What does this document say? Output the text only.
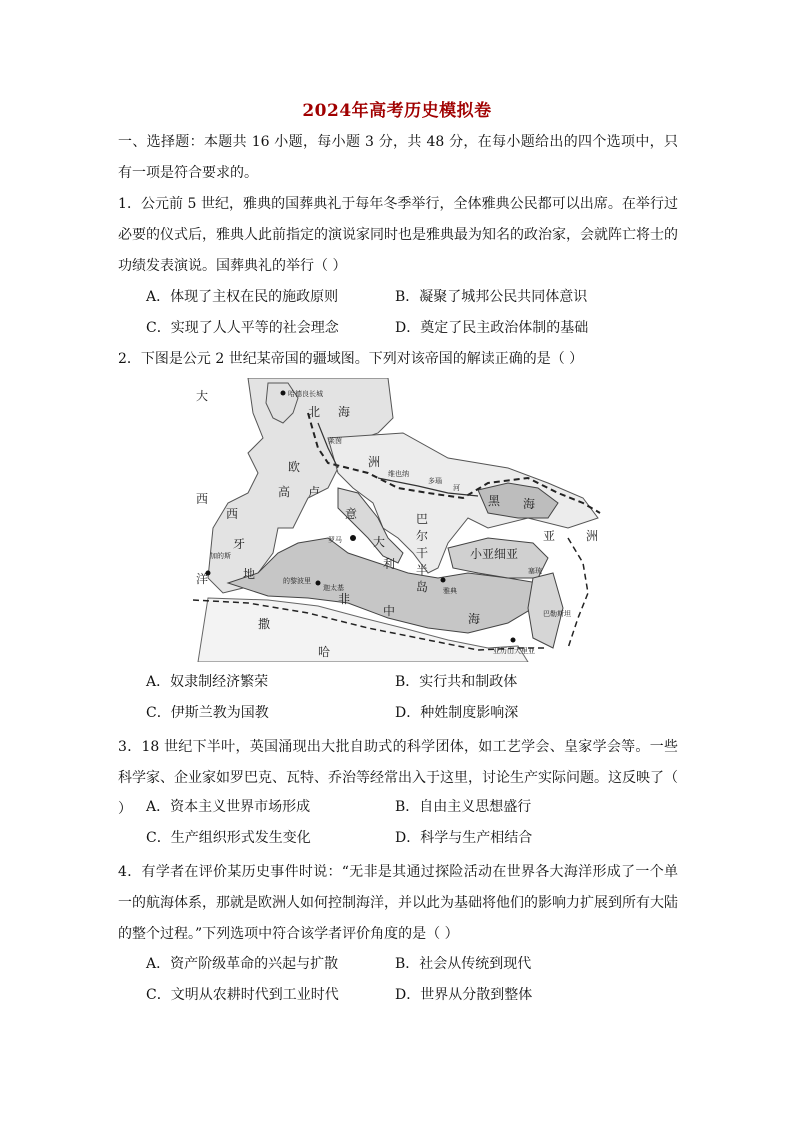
2024年高考历史模拟卷
一、选择题：本题共 16 小题，每小题 3 分，共 48 分，在每小题给出的四个选项中，只有一项是符合要求的。
1．公元前 5 世纪，雅典的国葬典礼于每年冬季举行，全体雅典公民都可以出席。在举行过必要的仪式后，雅典人此前指定的演说家同时也是雅典最为知名的政治家，会就阵亡将士的功绩发表演说。国葬典礼的举行（ ）
A．体现了主权在民的施政原则	B．凝聚了城邦公民共同体意识
C．实现了人人平等的社会理念	D．奠定了民主政治体制的基础
2．下图是公元 2 世纪某帝国的疆域图。下列对该帝国的解读正确的是（ ）
大
西
洋
撒
哈
非
北 海
欧
高 卢
洲
意
大
利
巴
尔
干
半
岛
黑 海
小亚细亚
亚	洲
中
海
西
牙
地
哈德良长城
罗马
亚历山大里亚
巴勒斯坦
的黎波里
加的斯
迦太基
莱茵
多瑙
河
塞琉
维也纳
雅典
A．奴隶制经济繁荣	B．实行共和制政体
C．伊斯兰教为国教	D．种姓制度影响深
3．18 世纪下半叶，英国涌现出大批自助式的科学团体，如工艺学会、皇家学会等。一些科学家、企业家如罗巴克、瓦特、乔治等经常出入于这里，讨论生产实际问题。这反映了（ ）	A．资本主义世界市场形成	B．自由主义思想盛行
C．生产组织形式发生变化	D．科学与生产相结合
4．有学者在评价某历史事件时说：“无非是其通过探险活动在世界各大海洋形成了一个单一的航海体系，那就是欧洲人如何控制海洋，并以此为基础将他们的影响力扩展到所有大陆的整个过程。”下列选项中符合该学者评价角度的是（ ）
A．资产阶级革命的兴起与扩散	B．社会从传统到现代
C．文明从农耕时代到工业时代	D．世界从分散到整体
